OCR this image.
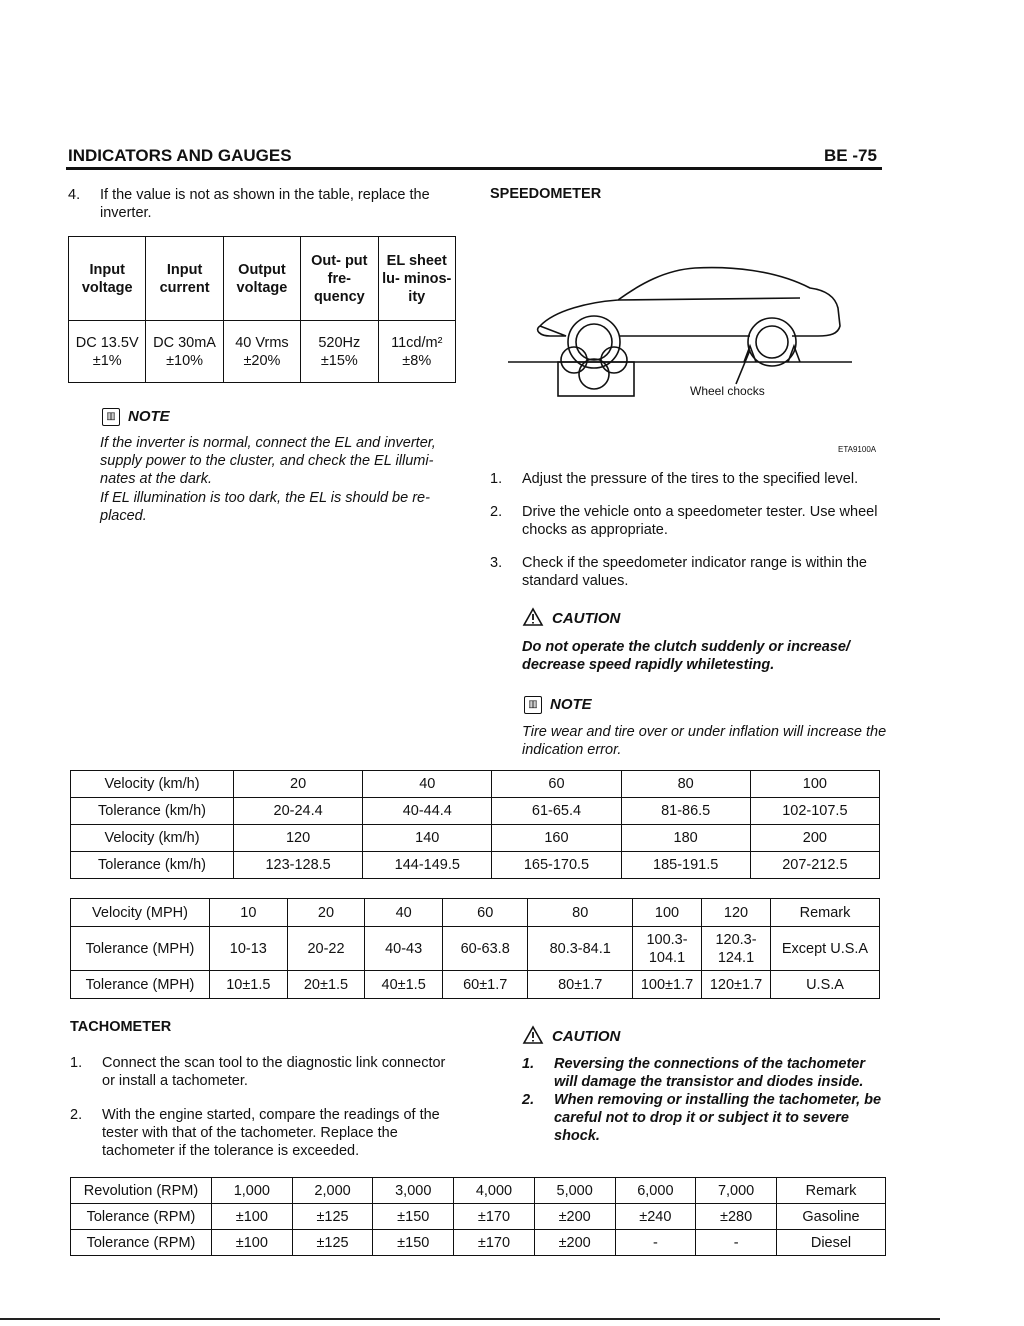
INDICATORS AND GAUGES	BE -75
4. If the value is not as shown in the table, replace the inverter.
Input voltage	Input current	Output voltage	Out- put fre- quency	EL sheet lu- minos- ity
DC 13.5V ±1%	DC 30mA ±10%	40 Vrms ±20%	520Hz ±15%	11cd/m² ±8%
▥ NOTE
If the inverter is normal, connect the EL and inverter, supply power to the cluster, and check the EL illumi- nates at the dark.
If EL illumination is too dark, the EL is should be re- placed.
SPEEDOMETER
Wheel chocks
ETA9100A
1. Adjust the pressure of the tires to the specified level.
2. Drive the vehicle onto a speedometer tester. Use wheel chocks as appropriate.
3. Check if the speedometer indicator range is within the standard values.
CAUTION
Do not operate the clutch suddenly or increase/ decrease speed rapidly whiletesting.
▥ NOTE
Tire wear and tire over or under inflation will increase the indication error.
Velocity (km/h)	20	40	60	80	100
Tolerance (km/h)	20-24.4	40-44.4	61-65.4	81-86.5	102-107.5
Velocity (km/h)	120	140	160	180	200
Tolerance (km/h)	123-128.5	144-149.5	165-170.5	185-191.5	207-212.5
Velocity (MPH)	10	20	40	60	80	100	120	Remark
Tolerance (MPH)	10-13	20-22	40-43	60-63.8	80.3-84.1	100.3- 104.1	120.3- 124.1	Except U.S.A
Tolerance (MPH)	10±1.5	20±1.5	40±1.5	60±1.7	80±1.7	100±1.7	120±1.7	U.S.A
TACHOMETER
1. Connect the scan tool to the diagnostic link connector or install a tachometer.
2. With the engine started, compare the readings of the tester with that of the tachometer. Replace the tachometer if the tolerance is exceeded.
CAUTION
1. Reversing the connections of the tachometer will damage the transistor and diodes inside.
2. When removing or installing the tachometer, be careful not to drop it or subject it to severe shock.
Revolution (RPM)	1,000	2,000	3,000	4,000	5,000	6,000	7,000	Remark
Tolerance (RPM)	±100	±125	±150	±170	±200	±240	±280	Gasoline
Tolerance (RPM)	±100	±125	±150	±170	±200	-	-	Diesel
